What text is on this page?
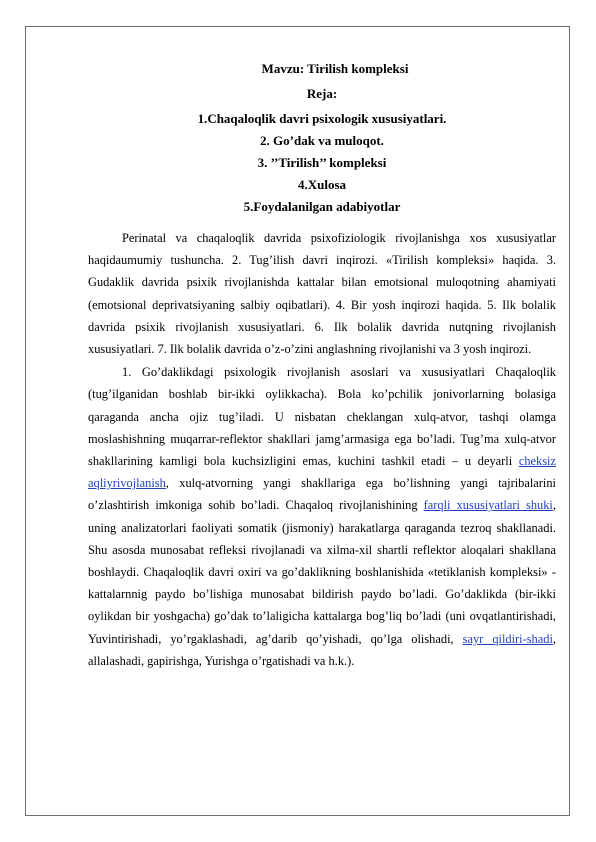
Mavzu: Tirilish kompleksi

Reja:

1.Chaqaloqlik davri psixologik xususiyatlari.

2. Go’dak va muloqot.

3. ’’Tirilish’’ kompleksi

4.Xulosa

5.Foydalanilgan adabiyotlar

Perinatal va chaqaloqlik davrida psixofiziologik rivojlanishga xos xususiyatlar haqidaumumiy tushuncha. 2. Tug’ilish davri inqirozi. «Tirilish kompleksi» haqida. 3. Gudaklik davrida psixik rivojlanishda kattalar bilan emotsional muloqotning ahamiyati (emotsional deprivatsiyaning salbiy oqibatlari). 4. Bir yosh inqirozi haqida. 5. Ilk bolalik davrida psixik rivojlanish xususiyatlari. 6. Ilk bolalik davrida nutqning rivojlanish xususiyatlari. 7. Ilk bolalik davrida o’z-o’zini anglashning rivojlanishi va 3 yosh inqirozi.

1. Go’daklikdagi psixologik rivojlanish asoslari va xususiyatlari Chaqaloqlik (tug’ilganidan boshlab bir-ikki oylikkacha). Bola ko’pchilik jonivorlarning bolasiga qaraganda ancha ojiz tug’iladi. U nisbatan cheklangan xulq-atvor, tashqi olamga moslashishning muqarrar-reflektor shakllari jamg’armasiga ega bo’ladi. Tug’ma xulq-atvor shakllarining kamligi bola kuchsizligini emas, kuchini tashkil etadi – u deyarli cheksiz aqliyrivojlanish, xulq-atvorning yangi shakllariga ega bo’lishning yangi tajribalarini o’zlashtirish imkoniga sohib bo’ladi. Chaqaloq rivojlanishining farqli xususiyatlari shuki, uning analizatorlari faoliyati somatik (jismoniy) harakatlarga qaraganda tezroq shakllanadi. Shu asosda munosabat refleksi rivojlanadi va xilma-xil shartli reflektor aloqalari shakllana boshlaydi. Chaqaloqlik davri oxiri va go’daklikning boshlanishida «tetiklanish kompleksi» - kattalarnnig paydo bo’lishiga munosabat bildirish paydo bo’ladi. Go’daklikda (bir-ikki oylikdan bir yoshgacha) go’dak to’laligicha kattalarga bog’liq bo’ladi (uni ovqatlantirishadi, Yuvintirishadi, yo’rgaklashadi, ag’darib qo’yishadi, qo’lga olishadi, sayr qildiri-shadi, allalashadi, gapirishga, Yurishga o’rgatishadi va h.k.).
